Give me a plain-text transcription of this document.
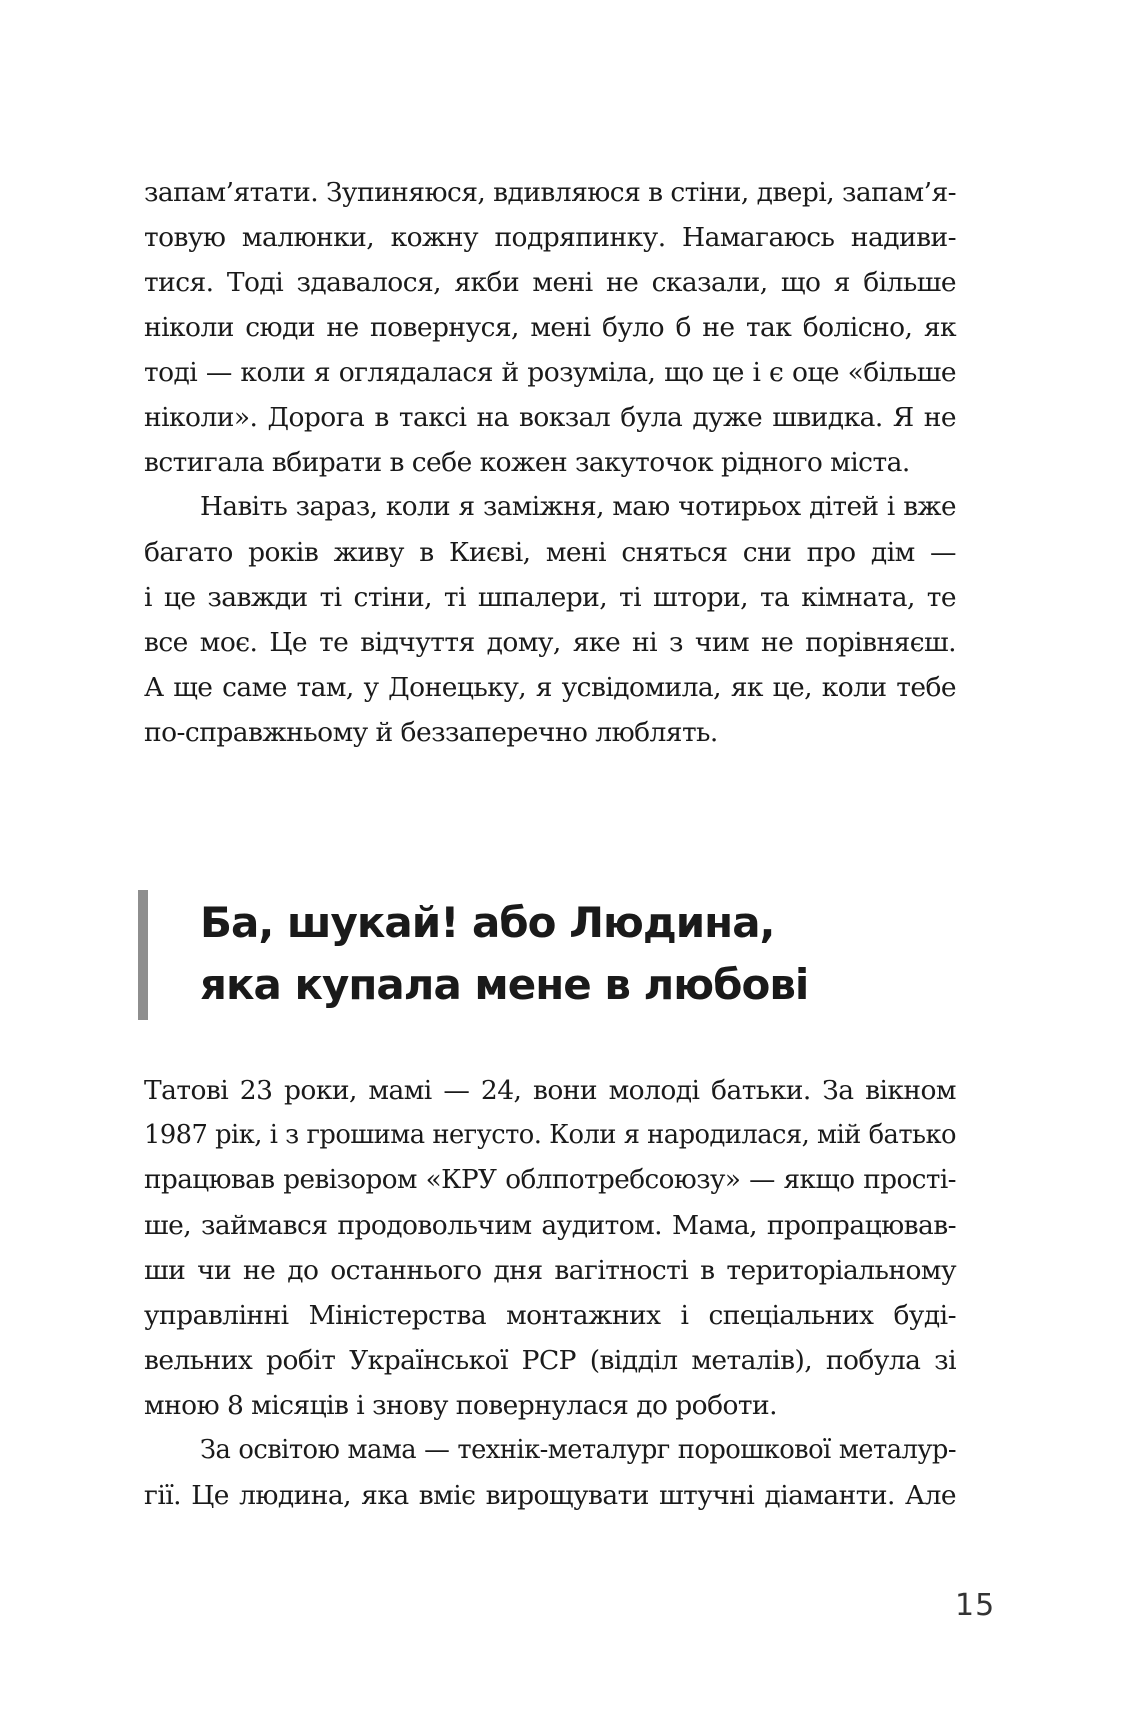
запам’ятати. Зупиняюся, вдивляюся в стіни, двері, запам’я-
товую малюнки, кожну подряпинку. Намагаюсь надиви-
тися. Тоді здавалося, якби мені не сказали, що я більше
ніколи сюди не повернуся, мені було б не так болісно, як
тоді — коли я оглядалася й розуміла, що це і є оце «більше
ніколи». Дорога в таксі на вокзал була дуже швидка. Я не
встигала вбирати в себе кожен закуточок рідного міста.
Навіть зараз, коли я заміжня, маю чотирьох дітей і вже
багато років живу в Києві, мені сняться сни про дім —
і це завжди ті стіни, ті шпалери, ті штори, та кімната, те
все моє. Це те відчуття дому, яке ні з чим не порівняєш.
А ще саме там, у Донецьку, я усвідомила, як це, коли тебе
по-справжньому й беззаперечно люблять.
Ба, шукай! або Людина,
яка купала мене в любові
Татові 23 роки, мамі — 24, вони молоді батьки. За вікном
1987 рік, і з грошима негусто. Коли я народилася, мій батько
працював ревізором «КРУ облпотребсоюзу» — якщо прості-
ше, займався продовольчим аудитом. Мама, пропрацював-
ши чи не до останнього дня вагітності в територіальному
управлінні Міністерства монтажних і спеціальних буді-
вельних робіт Української РСР (відділ металів), побула зі
мною 8 місяців і знову повернулася до роботи.
За освітою мама — технік-металург порошкової металур-
гії. Це людина, яка вміє вирощувати штучні діаманти. Але
15
